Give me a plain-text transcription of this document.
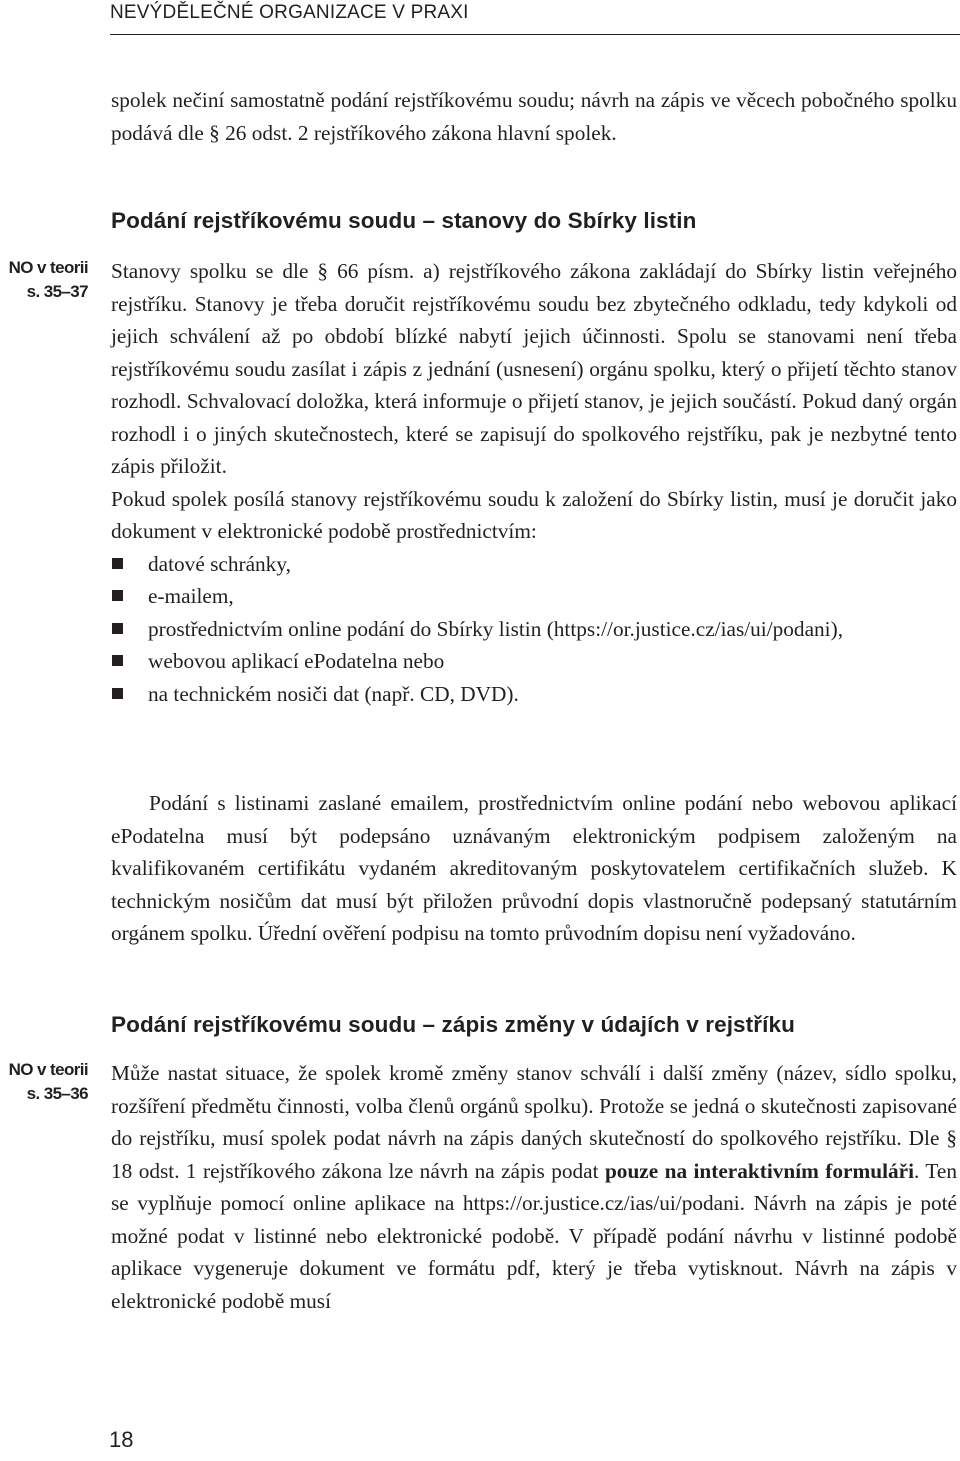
NEVÝDĚLEČNÉ ORGANIZACE V PRAXI
NO v teorii
s. 35–37
NO v teorii
s. 35–36

spolek nečiní samostatně podání rejstříkovému soudu; návrh na zápis ve věcech pobočného spolku podává dle § 26 odst. 2 rejstříkového zákona hlavní spolek.

Podání rejstříkovému soudu – stanovy do Sbírky listin

Stanovy spolku se dle § 66 písm. a) rejstříkového zákona zakládají do Sbírky listin veřejného rejstříku. Stanovy je třeba doručit rejstříkovému soudu bez zbytečného odkladu, tedy kdykoli od jejich schválení až po období blízké nabytí jejich účinnosti. Spolu se stanovami není třeba rejstříkovému soudu zasílat i zápis z jednání (usnesení) orgánu spolku, který o přijetí těchto stanov rozhodl. Schvalovací doložka, která informuje o přijetí stanov, je jejich součástí. Pokud daný orgán rozhodl i o jiných skutečnostech, které se zapisují do spolkového rejstříku, pak je nezbytné tento zápis přiložit.

Pokud spolek posílá stanovy rejstříkovému soudu k založení do Sbírky listin, musí je doručit jako dokument v elektronické podobě prostřednictvím:

datové schránky,
e-mailem,
prostřednictvím online podání do Sbírky listin (https://or.justice.cz/ias/ui/podani),
webovou aplikací ePodatelna nebo
na technickém nosiči dat (např. CD, DVD).

Podání s listinami zaslané emailem, prostřednictvím online podání nebo webovou aplikací ePodatelna musí být podepsáno uznávaným elektronickým podpisem založeným na kvalifikovaném certifikátu vydaném akreditovaným poskytovatelem certifikačních služeb. K technickým nosičům dat musí být přiložen průvodní dopis vlastnoručně podepsaný statutárním orgánem spolku. Úřední ověření podpisu na tomto průvodním dopisu není vyžadováno.

Podání rejstříkovému soudu – zápis změny v údajích v rejstříku

Může nastat situace, že spolek kromě změny stanov schválí i další změny (název, sídlo spolku, rozšíření předmětu činnosti, volba členů orgánů spolku). Protože se jedná o skutečnosti zapisované do rejstříku, musí spolek podat návrh na zápis daných skutečností do spolkového rejstříku. Dle § 18 odst. 1 rejstříkového zákona lze návrh na zápis podat pouze na interaktivním formuláři. Ten se vyplňuje pomocí online aplikace na https://or.justice.cz/ias/ui/podani. Návrh na zápis je poté možné podat v listinné nebo elektronické podobě. V případě podání návrhu v listinné podobě aplikace vygeneruje dokument ve formátu pdf, který je třeba vytisknout. Návrh na zápis v elektronické podobě musí

18
